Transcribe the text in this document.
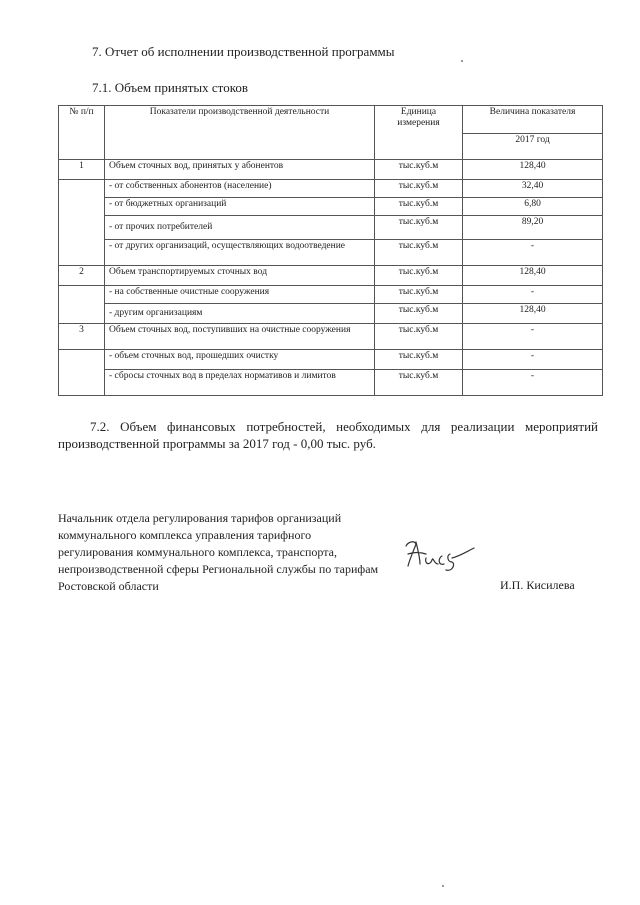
7. Отчет об исполнении производственной программы
7.1. Объем принятых стоков
№ п/п	Показатели производственной деятельности	Единица измерения	Величина показателя
			2017 год
1	Объем сточных вод, принятых у абонентов	тыс.куб.м	128,40
	- от собственных абонентов (население)	тыс.куб.м	32,40
	- от бюджетных организаций	тыс.куб.м	6,80
	- от прочих потребителей	тыс.куб.м	89,20
	- от других организаций, осуществляющих водоотведение	тыс.куб.м	-
2	Объем транспортируемых сточных вод	тыс.куб.м	128,40
	- на собственные очистные сооружения	тыс.куб.м	-
	- другим организациям	тыс.куб.м	128,40
3	Объем сточных вод, поступивших на очистные сооружения	тыс.куб.м	-
	- объем сточных вод, прошедших очистку	тыс.куб.м	-
	- сбросы сточных вод в пределах нормативов и лимитов	тыс.куб.м	-
7.2. Объем финансовых потребностей, необходимых для реализации мероприятий производственной программы за 2017 год - 0,00 тыс. руб.
Начальник отдела регулирования тарифов организаций коммунального комплекса управления тарифного регулирования коммунального комплекса, транспорта, непроизводственной сферы Региональной службы по тарифам Ростовской области	И.П. Кисилева
